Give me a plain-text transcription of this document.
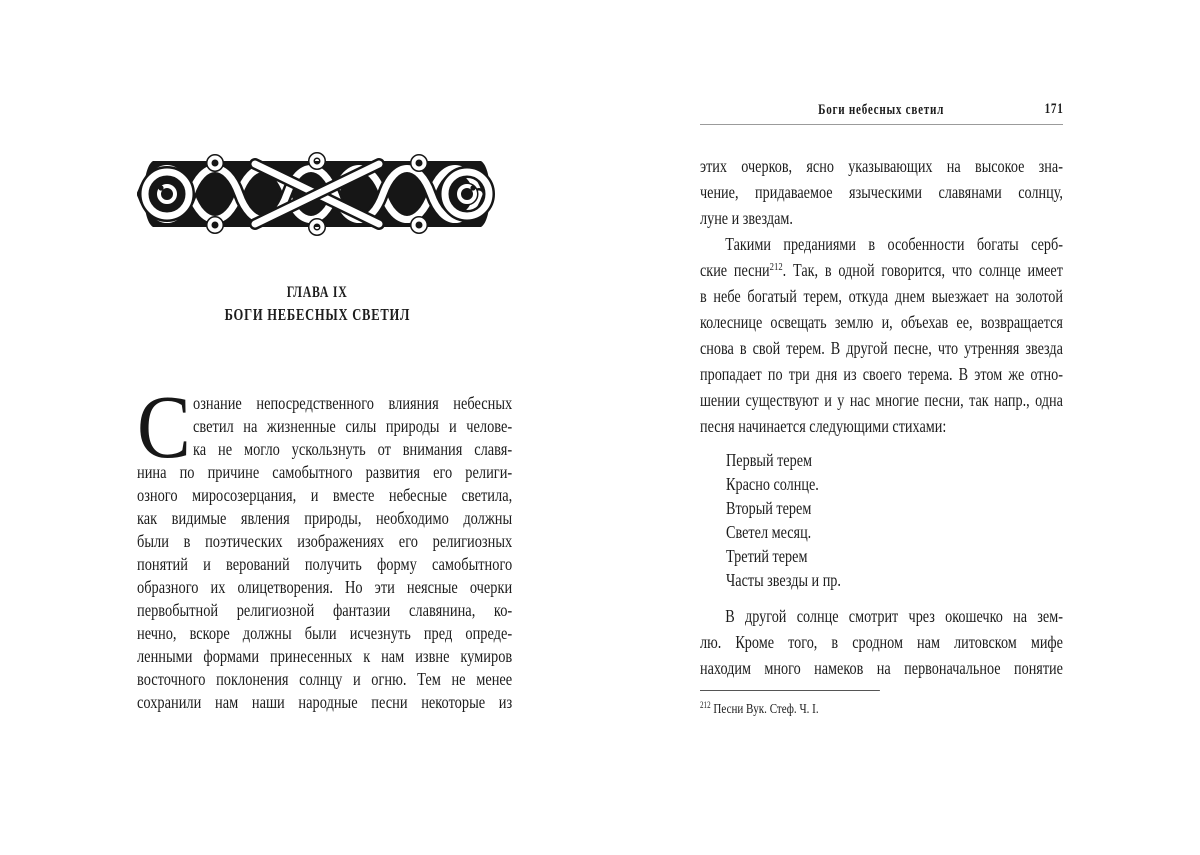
ГЛАВА IX
БОГИ НЕБЕСНЫХ СВЕТИЛ
С ознание непосредственного влияния небесных
светил на жизненные силы природы и челове-
ка не могло ускользнуть от внимания славя-
нина по причине самобытного развития его религи-
озного миросозерцания, и вместе небесные светила,
как видимые явления природы, необходимо должны
были в поэтических изображениях его религиозных
понятий и верований получить форму самобытного
образного их олицетворения. Но эти неясные очерки
первобытной религиозной фантазии славянина, ко-
нечно, вскоре должны были исчезнуть пред опреде-
ленными формами принесенных к нам извне кумиров
восточного поклонения солнцу и огню. Тем не менее
сохранили нам наши народные песни некоторые из
Боги небесных светил	171
этих очерков, ясно указывающих на высокое зна-
чение, придаваемое языческими славянами солнцу,
луне и звездам.
Такими преданиями в особенности богаты серб-
ские песни$^{212}$. Так, в одной говорится, что солнце имеет
в небе богатый терем, откуда днем выезжает на золотой
колеснице освещать землю и, объехав ее, возвращается
снова в свой терем. В другой песне, что утренняя звезда
пропадает по три дня из своего терема. В этом же отно-
шении существуют и у нас многие песни, так напр., одна
песня начинается следующими стихами:
Первый терем
Красно солнце.
Вторый терем
Светел месяц.
Третий терем
Часты звезды и пр.
В другой солнце смотрит чрез окошечко на зем-
лю. Кроме того, в сродном нам литовском мифе
находим много намеков на первоначальное понятие
$^{212}$ Песни Вук. Стеф. Ч. I.
